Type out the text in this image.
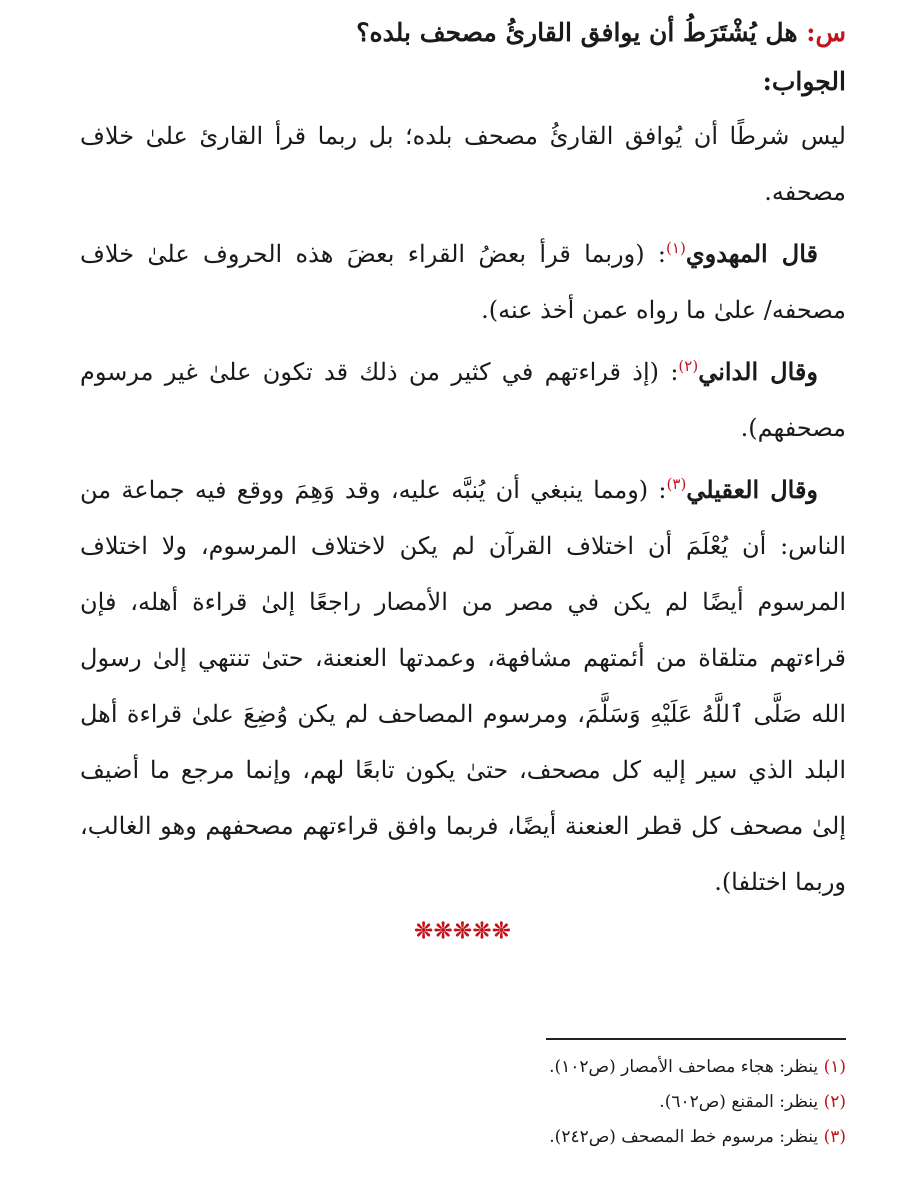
س: هل يُشْتَرَطُ أن يوافق القارئُ مصحف بلده؟

الجواب:

ليس شرطًا أن يُوافق القارئُ مصحف بلده؛ بل ربما قرأ القارئ علىٰ خلاف مصحفه.

قال المهدوي$^{(١)}$: (وربما قرأ بعضُ القراء بعضَ هذه الحروف علىٰ خلاف مصحفه/ علىٰ ما رواه عمن أخذ عنه).

وقال الداني$^{(٢)}$: (إذ قراءتهم في كثير من ذلك قد تكون علىٰ غير مرسوم مصحفهم).

وقال العقيلي$^{(٣)}$: (ومما ينبغي أن يُنبَّه عليه، وقد وَهِمَ ووقع فيه جماعة من الناس: أن يُعْلَمَ أن اختلاف القرآن لم يكن لاختلاف المرسوم، ولا اختلاف المرسوم أيضًا لم يكن في مصر من الأمصار راجعًا إلىٰ قراءة أهله، فإن قراءتهم متلقاة من أئمتهم مشافهة، وعمدتها العنعنة، حتىٰ تنتهي إلىٰ رسول الله صَلَّى ٱللَّهُ عَلَيْهِ وَسَلَّمَ، ومرسوم المصاحف لم يكن وُضِعَ علىٰ قراءة أهل البلد الذي سير إليه كل مصحف، حتىٰ يكون تابعًا لهم، وإنما مرجع ما أضيف إلىٰ مصحف كل قطر العنعنة أيضًا، فربما وافق قراءتهم مصحفهم وهو الغالب، وربما اختلفا).

❊❊❊❊❊

(١) ينظر: هجاء مصاحف الأمصار (ص١٠٢).

(٢) ينظر: المقنع (ص٦٠٢).

(٣) ينظر: مرسوم خط المصحف (ص٢٤٢).
